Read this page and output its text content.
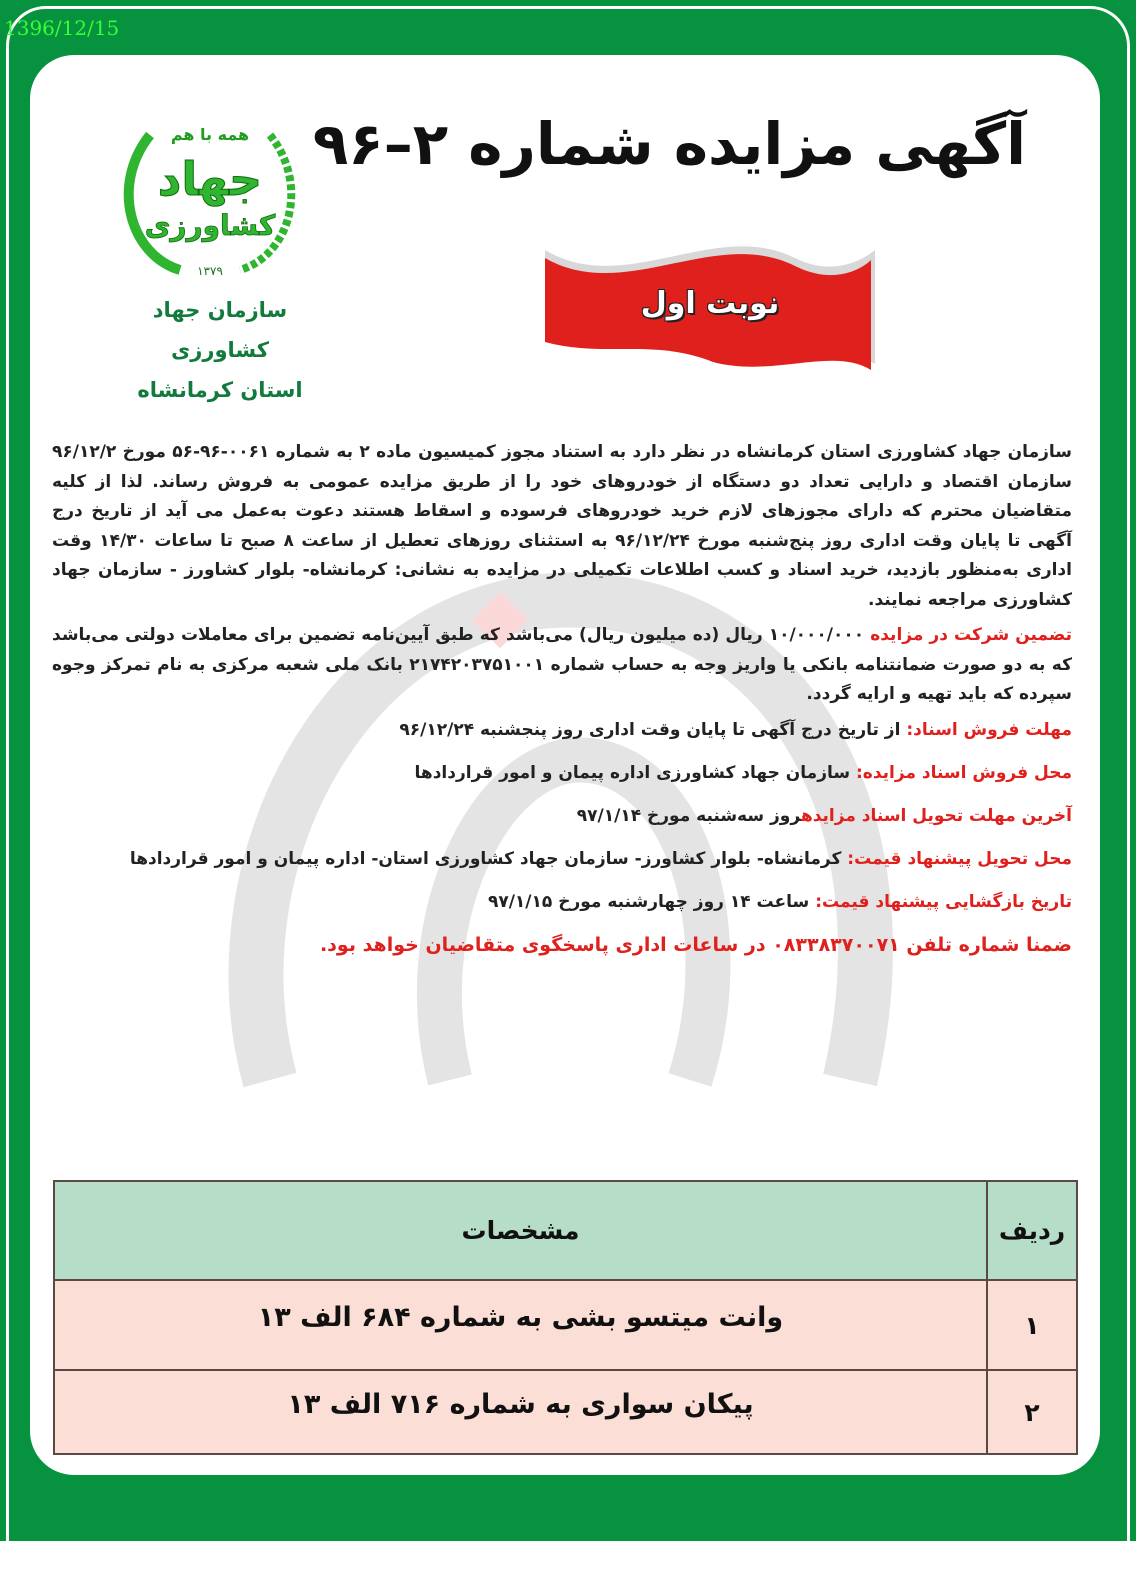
1396/12/15
همه با هم
جهاد
کشاورزی
۱۳۷۹
سازمان جهاد کشاورزی
استان کرمانشاه
آگهی مزایده شماره ۲–۹۶
نوبت اول

سازمان جهاد کشاورزی استان کرمانشاه در نظر دارد به استناد مجوز کمیسیون ماده ۲ به شماره ۰۰۶۱-۹۶-۵۶ مورخ ۹۶/۱۲/۲ سازمان اقتصاد و دارایی تعداد دو دستگاه از خودروهای خود را از طریق مزایده عمومی به فروش رساند. لذا از کلیه متقاضیان محترم که دارای مجوزهای لازم خرید خودروهای فرسوده و اسقاط هستند دعوت به‌عمل می آید از تاریخ درج آگهی تا پایان وقت اداری روز پنج‌شنبه مورخ ۹۶/۱۲/۲۴ به استثنای روزهای تعطیل از ساعت ۸ صبح تا ساعات ۱۴/۳۰ وقت اداری به‌منظور بازدید، خرید اسناد و کسب اطلاعات تکمیلی در مزایده به نشانی: کرمانشاه- بلوار کشاورز - سازمان جهاد کشاورزی مراجعه نمایند.

تضمین شرکت در مزایده ۱۰/۰۰۰/۰۰۰ ریال (ده میلیون ریال) می‌باشد که طبق آیین‌نامه تضمین برای معاملات دولتی می‌باشد که به دو صورت ضمانتنامه بانکی یا واریز وجه به حساب شماره ۲۱۷۴۲۰۳۷۵۱۰۰۱ بانک ملی شعبه مرکزی به نام تمرکز وجوه سپرده که باید تهیه و ارایه گردد.

مهلت فروش اسناد: از تاریخ درج آگهی تا پایان وقت اداری روز پنجشنبه ۹۶/۱۲/۲۴

محل فروش اسناد مزایده: سازمان جهاد کشاورزی اداره پیمان و امور قراردادها

آخرین مهلت تحویل اسناد مزایدهروز سه‌شنبه مورخ ۹۷/۱/۱۴

محل تحویل پیشنهاد قیمت: کرمانشاه- بلوار کشاورز- سازمان جهاد کشاورزی استان- اداره پیمان و امور قراردادها

تاریخ بازگشایی پیشنهاد قیمت: ساعت ۱۴ روز چهارشنبه مورخ ۹۷/۱/۱۵

ضمنا شماره تلفن ۰۸۳۳۸۳۷۰۰۷۱ در ساعات اداری پاسخگوی متقاضیان خواهد بود.

ردیف
مشخصات
۱
وانت میتسو بشی به شماره ۶۸۴ الف ۱۳
۲
پیکان سواری به شماره ۷۱۶ الف ۱۳
